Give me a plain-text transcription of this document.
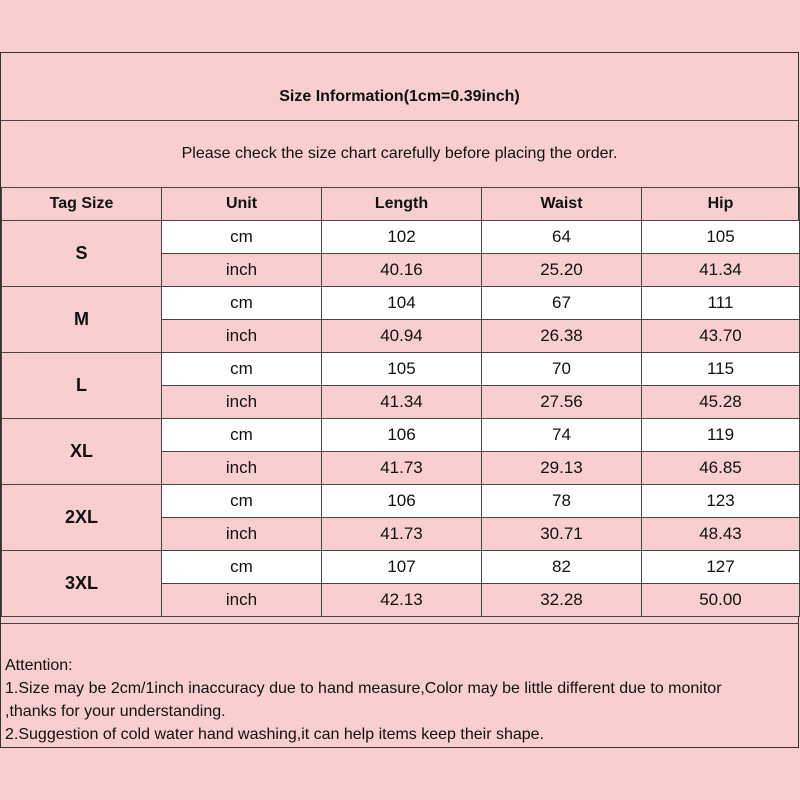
Size Information(1cm=0.39inch)
Please check the size chart carefully before placing the order.
Tag Size	Unit	Length	Waist	Hip
S	cm	102	64	105
	inch	40.16	25.20	41.34
M	cm	104	67	111
	inch	40.94	26.38	43.70
L	cm	105	70	115
	inch	41.34	27.56	45.28
XL	cm	106	74	119
	inch	41.73	29.13	46.85
2XL	cm	106	78	123
	inch	41.73	30.71	48.43
3XL	cm	107	82	127
	inch	42.13	32.28	50.00
Attention:
1.Size may be 2cm/1inch inaccuracy due to hand measure,Color may be little different due to monitor
,thanks for your understanding.
2.Suggestion of cold water hand washing,it can help items keep their shape.
